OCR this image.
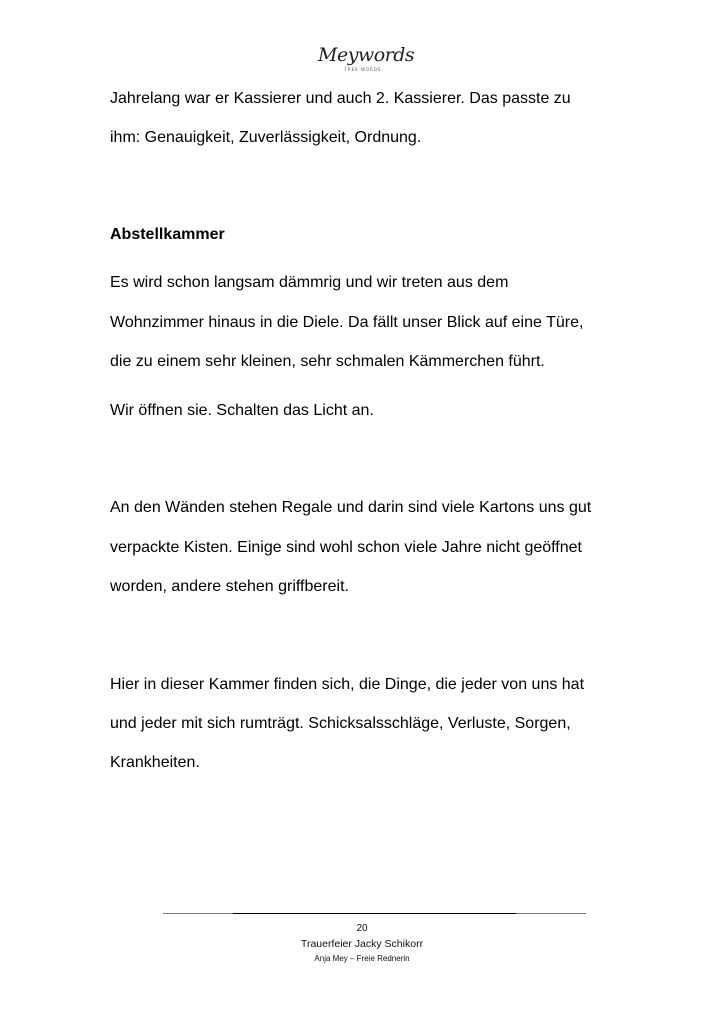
Meywords
FREE WORDS
Jahrelang war er Kassierer und auch 2. Kassierer. Das passte zu
ihm: Genauigkeit, Zuverlässigkeit, Ordnung.
Abstellkammer
Es wird schon langsam dämmrig und wir treten aus dem
Wohnzimmer hinaus in die Diele. Da fällt unser Blick auf eine Türe,
die zu einem sehr kleinen, sehr schmalen Kämmerchen führt.
Wir öffnen sie. Schalten das Licht an.
An den Wänden stehen Regale und darin sind viele Kartons uns gut
verpackte Kisten. Einige sind wohl schon viele Jahre nicht geöffnet
worden, andere stehen griffbereit.
Hier in dieser Kammer finden sich, die Dinge, die jeder von uns hat
und jeder mit sich rumträgt. Schicksalsschläge, Verluste, Sorgen,
Krankheiten.
20
Trauerfeier Jacky Schikorr
Anja Mey – Freie Rednerin
